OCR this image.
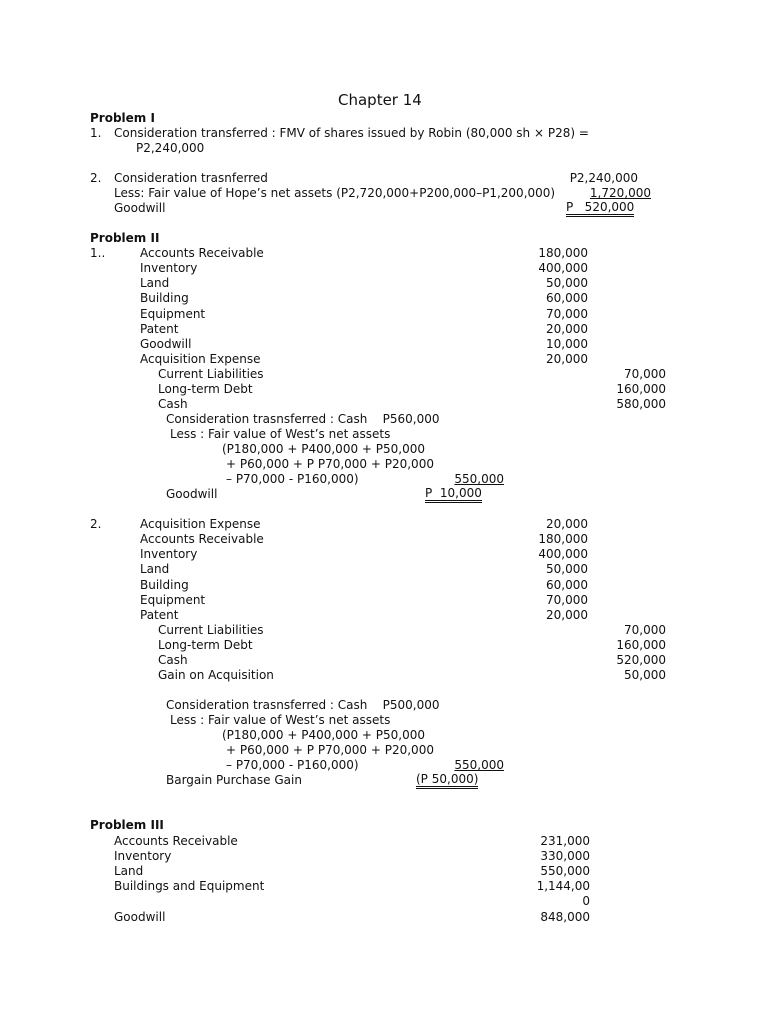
Chapter 14
Problem I
1. Consideration transferred : FMV of shares issued by Robin (80,000 sh × P28) =
P2,240,000
2. Consideration trasnferred	P2,240,000
Less: Fair value of Hope’s net assets (P2,720,000+P200,000–P1,200,000)	1,720,000
Goodwill	P   520,000
Problem II
1..	Accounts Receivable	180,000
Inventory	400,000
Land	50,000
Building	60,000
Equipment	70,000
Patent	20,000
Goodwill	10,000
Acquisition Expense	20,000
Current Liabilities	70,000
Long-term Debt	160,000
Cash	580,000
Consideration trasnsferred : Cash    P560,000
Less : Fair value of West’s net assets
(P180,000 + P400,000 + P50,000
+ P60,000 + P P70,000 + P20,000
– P70,000 - P160,000)	550,000
Goodwill	P  10,000
2.	Acquisition Expense	20,000
Accounts Receivable	180,000
Inventory	400,000
Land	50,000
Building	60,000
Equipment	70,000
Patent	20,000
Current Liabilities	70,000
Long-term Debt	160,000
Cash	520,000
Gain on Acquisition	50,000
Consideration trasnsferred : Cash    P500,000
Less : Fair value of West’s net assets
(P180,000 + P400,000 + P50,000
+ P60,000 + P P70,000 + P20,000
– P70,000 - P160,000)	550,000
Bargain Purchase Gain	(P 50,000)
Problem III
Accounts Receivable	231,000
Inventory	330,000
Land	550,000
Buildings and Equipment	1,144,00
0
Goodwill	848,000
